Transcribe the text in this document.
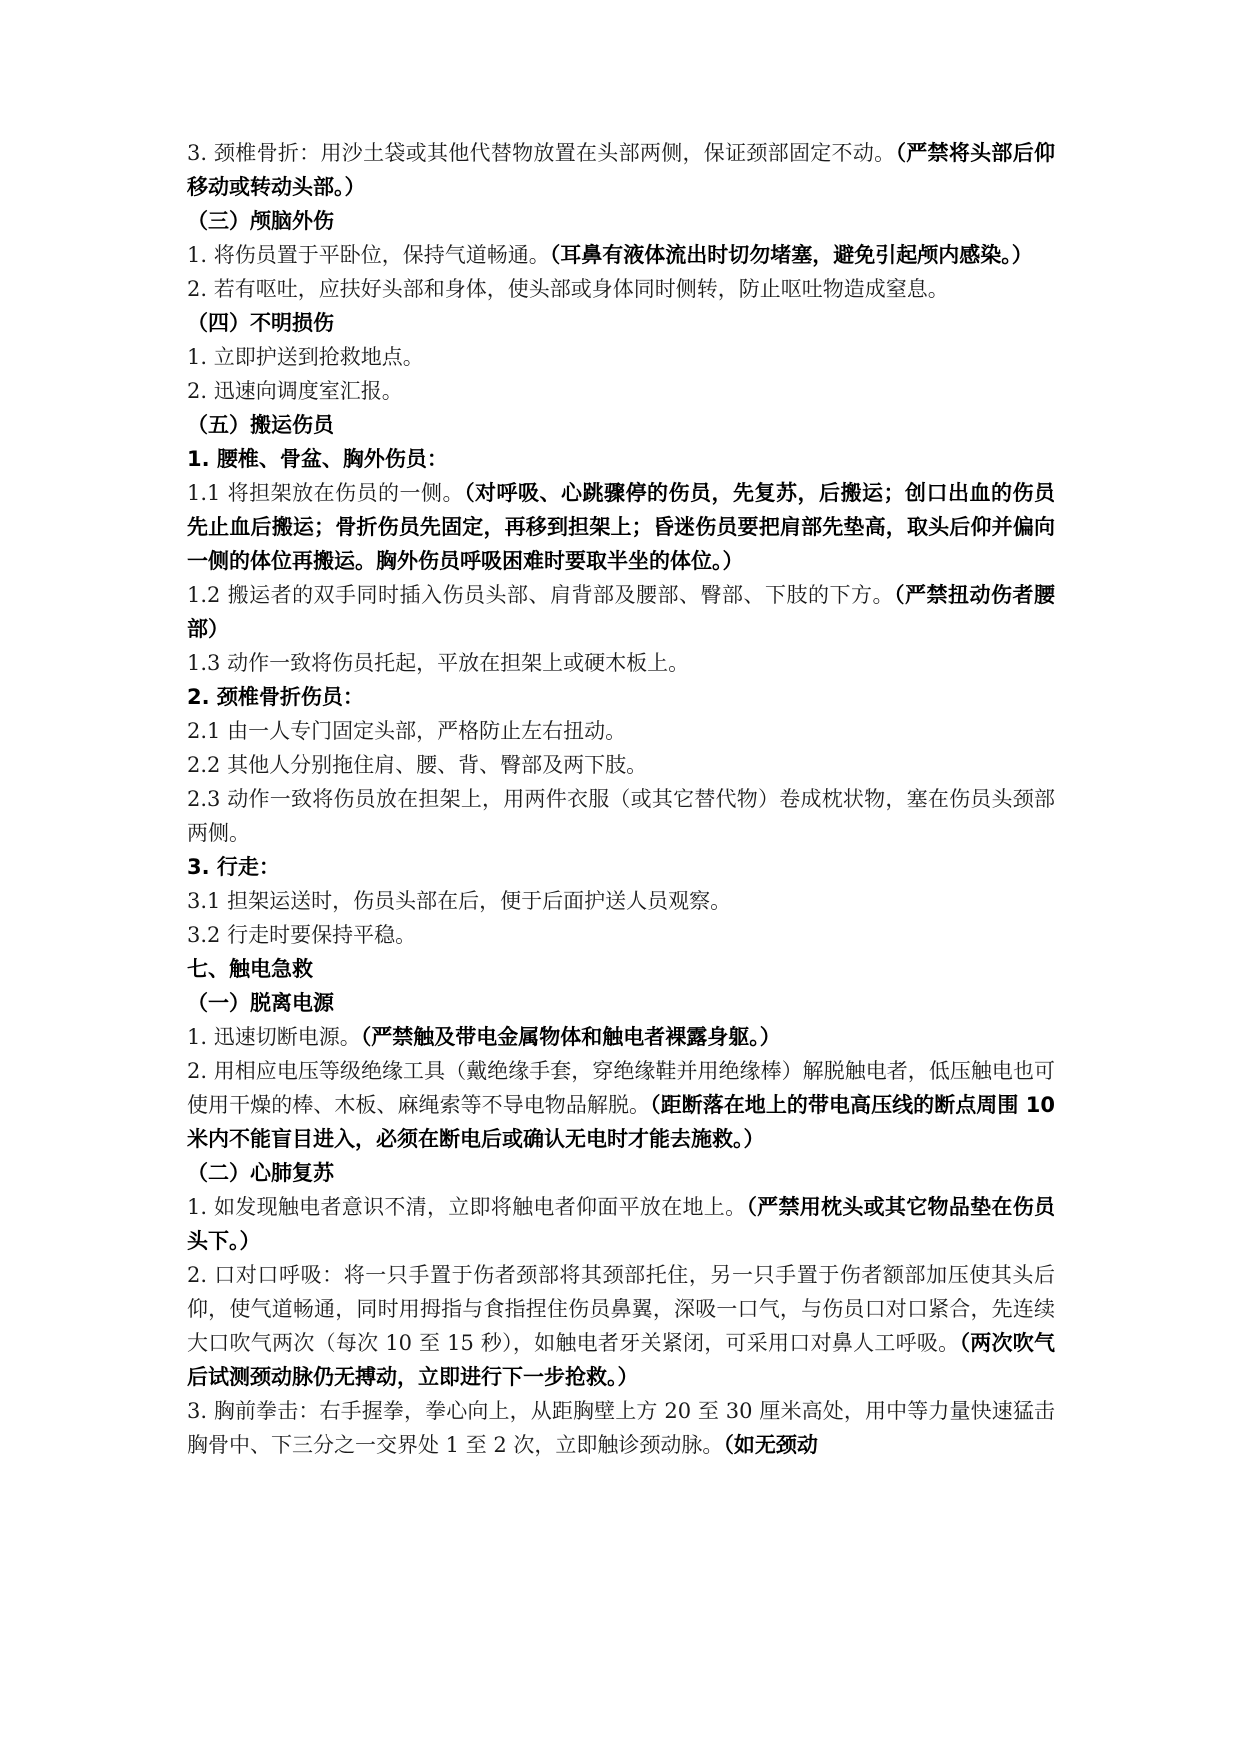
3. 颈椎骨折：用沙土袋或其他代替物放置在头部两侧，保证颈部固定不动。（严禁将头部后仰移动或转动头部。）

（三）颅脑外伤

1. 将伤员置于平卧位，保持气道畅通。（耳鼻有液体流出时切勿堵塞，避免引起颅内感染。）

2. 若有呕吐，应扶好头部和身体，使头部或身体同时侧转，防止呕吐物造成窒息。

（四）不明损伤

1. 立即护送到抢救地点。

2. 迅速向调度室汇报。

（五）搬运伤员

1. 腰椎、骨盆、胸外伤员：

1.1 将担架放在伤员的一侧。（对呼吸、心跳骤停的伤员，先复苏，后搬运；创口出血的伤员先止血后搬运；骨折伤员先固定，再移到担架上；昏迷伤员要把肩部先垫高，取头后仰并偏向一侧的体位再搬运。胸外伤员呼吸困难时要取半坐的体位。）

1.2 搬运者的双手同时插入伤员头部、肩背部及腰部、臀部、下肢的下方。（严禁扭动伤者腰部）

1.3 动作一致将伤员托起，平放在担架上或硬木板上。

2. 颈椎骨折伤员：

2.1 由一人专门固定头部，严格防止左右扭动。

2.2 其他人分别拖住肩、腰、背、臀部及两下肢。

2.3 动作一致将伤员放在担架上，用两件衣服（或其它替代物）卷成枕状物，塞在伤员头颈部两侧。

3. 行走：

3.1 担架运送时，伤员头部在后，便于后面护送人员观察。

3.2 行走时要保持平稳。

七、触电急救

（一）脱离电源

1. 迅速切断电源。（严禁触及带电金属物体和触电者裸露身躯。）

2. 用相应电压等级绝缘工具（戴绝缘手套，穿绝缘鞋并用绝缘棒）解脱触电者，低压触电也可使用干燥的棒、木板、麻绳索等不导电物品解脱。（距断落在地上的带电高压线的断点周围 10 米内不能盲目进入，必须在断电后或确认无电时才能去施救。）

（二）心肺复苏

1. 如发现触电者意识不清，立即将触电者仰面平放在地上。（严禁用枕头或其它物品垫在伤员头下。）

2. 口对口呼吸：将一只手置于伤者颈部将其颈部托住，另一只手置于伤者额部加压使其头后仰，使气道畅通，同时用拇指与食指捏住伤员鼻翼，深吸一口气，与伤员口对口紧合，先连续大口吹气两次（每次 10 至 15 秒），如触电者牙关紧闭，可采用口对鼻人工呼吸。（两次吹气后试测颈动脉仍无搏动，立即进行下一步抢救。）

3. 胸前拳击：右手握拳，拳心向上，从距胸壁上方 20 至 30 厘米高处，用中等力量快速猛击胸骨中、下三分之一交界处 1 至 2 次，立即触诊颈动脉。（如无颈动
